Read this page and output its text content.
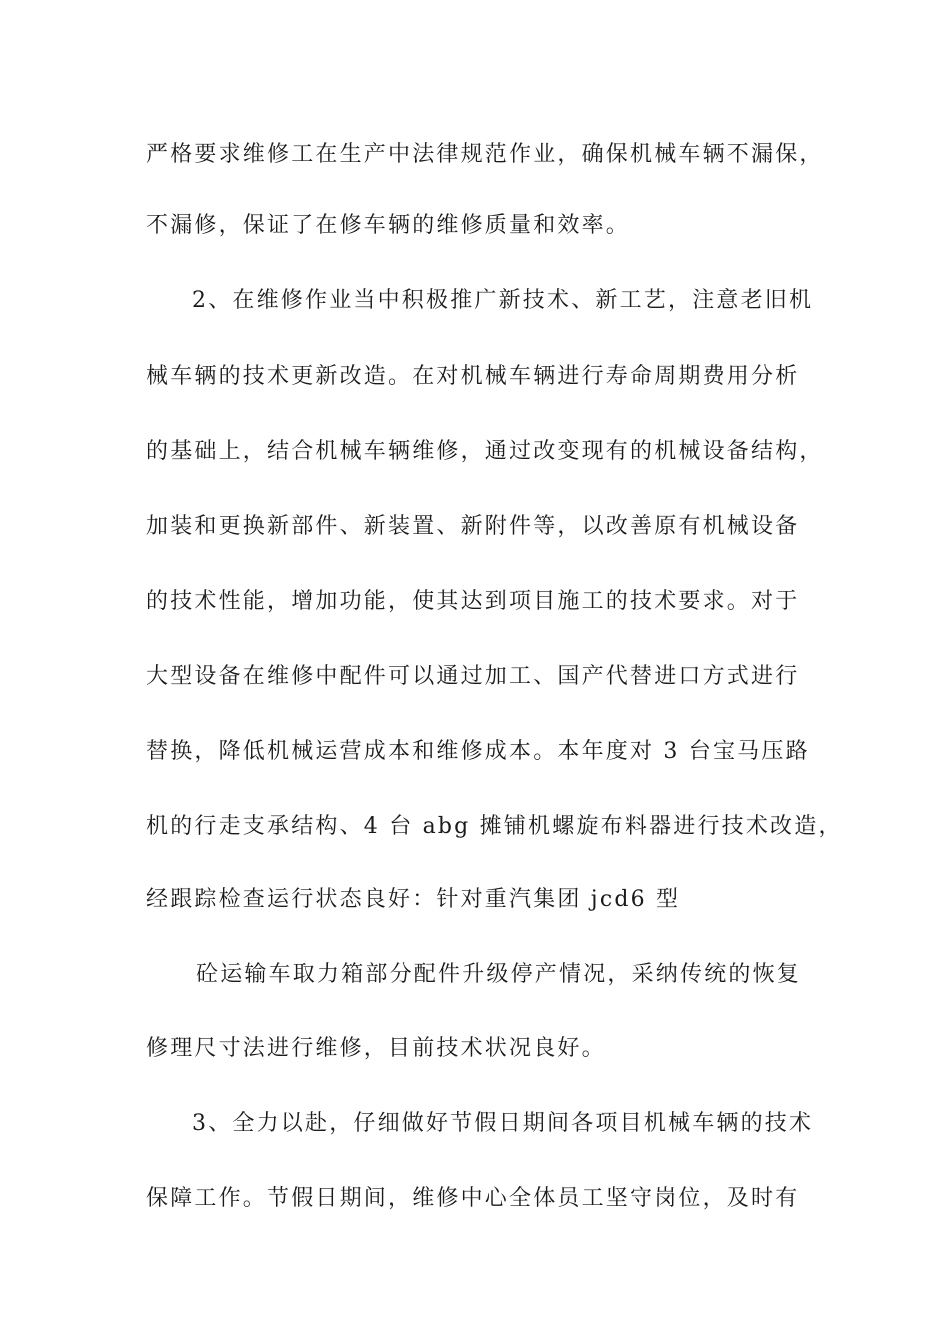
严格要求维修工在生产中法律规范作业，确保机械车辆不漏保，
不漏修，保证了在修车辆的维修质量和效率。
2、在维修作业当中积极推广新技术、新工艺，注意老旧机
械车辆的技术更新改造。在对机械车辆进行寿命周期费用分析
的基础上，结合机械车辆维修，通过改变现有的机械设备结构，
加装和更换新部件、新装置、新附件等，以改善原有机械设备
的技术性能，增加功能，使其达到项目施工的技术要求。对于
大型设备在维修中配件可以通过加工、国产代替进口方式进行
替换，降低机械运营成本和维修成本。本年度对 3 台宝马压路
机的行走支承结构、4 台 abg 摊铺机螺旋布料器进行技术改造，
经跟踪检查运行状态良好：针对重汽集团 jcd6 型
砼运输车取力箱部分配件升级停产情况，采纳传统的恢复
修理尺寸法进行维修，目前技术状况良好。
3、全力以赴，仔细做好节假日期间各项目机械车辆的技术
保障工作。节假日期间，维修中心全体员工坚守岗位，及时有
